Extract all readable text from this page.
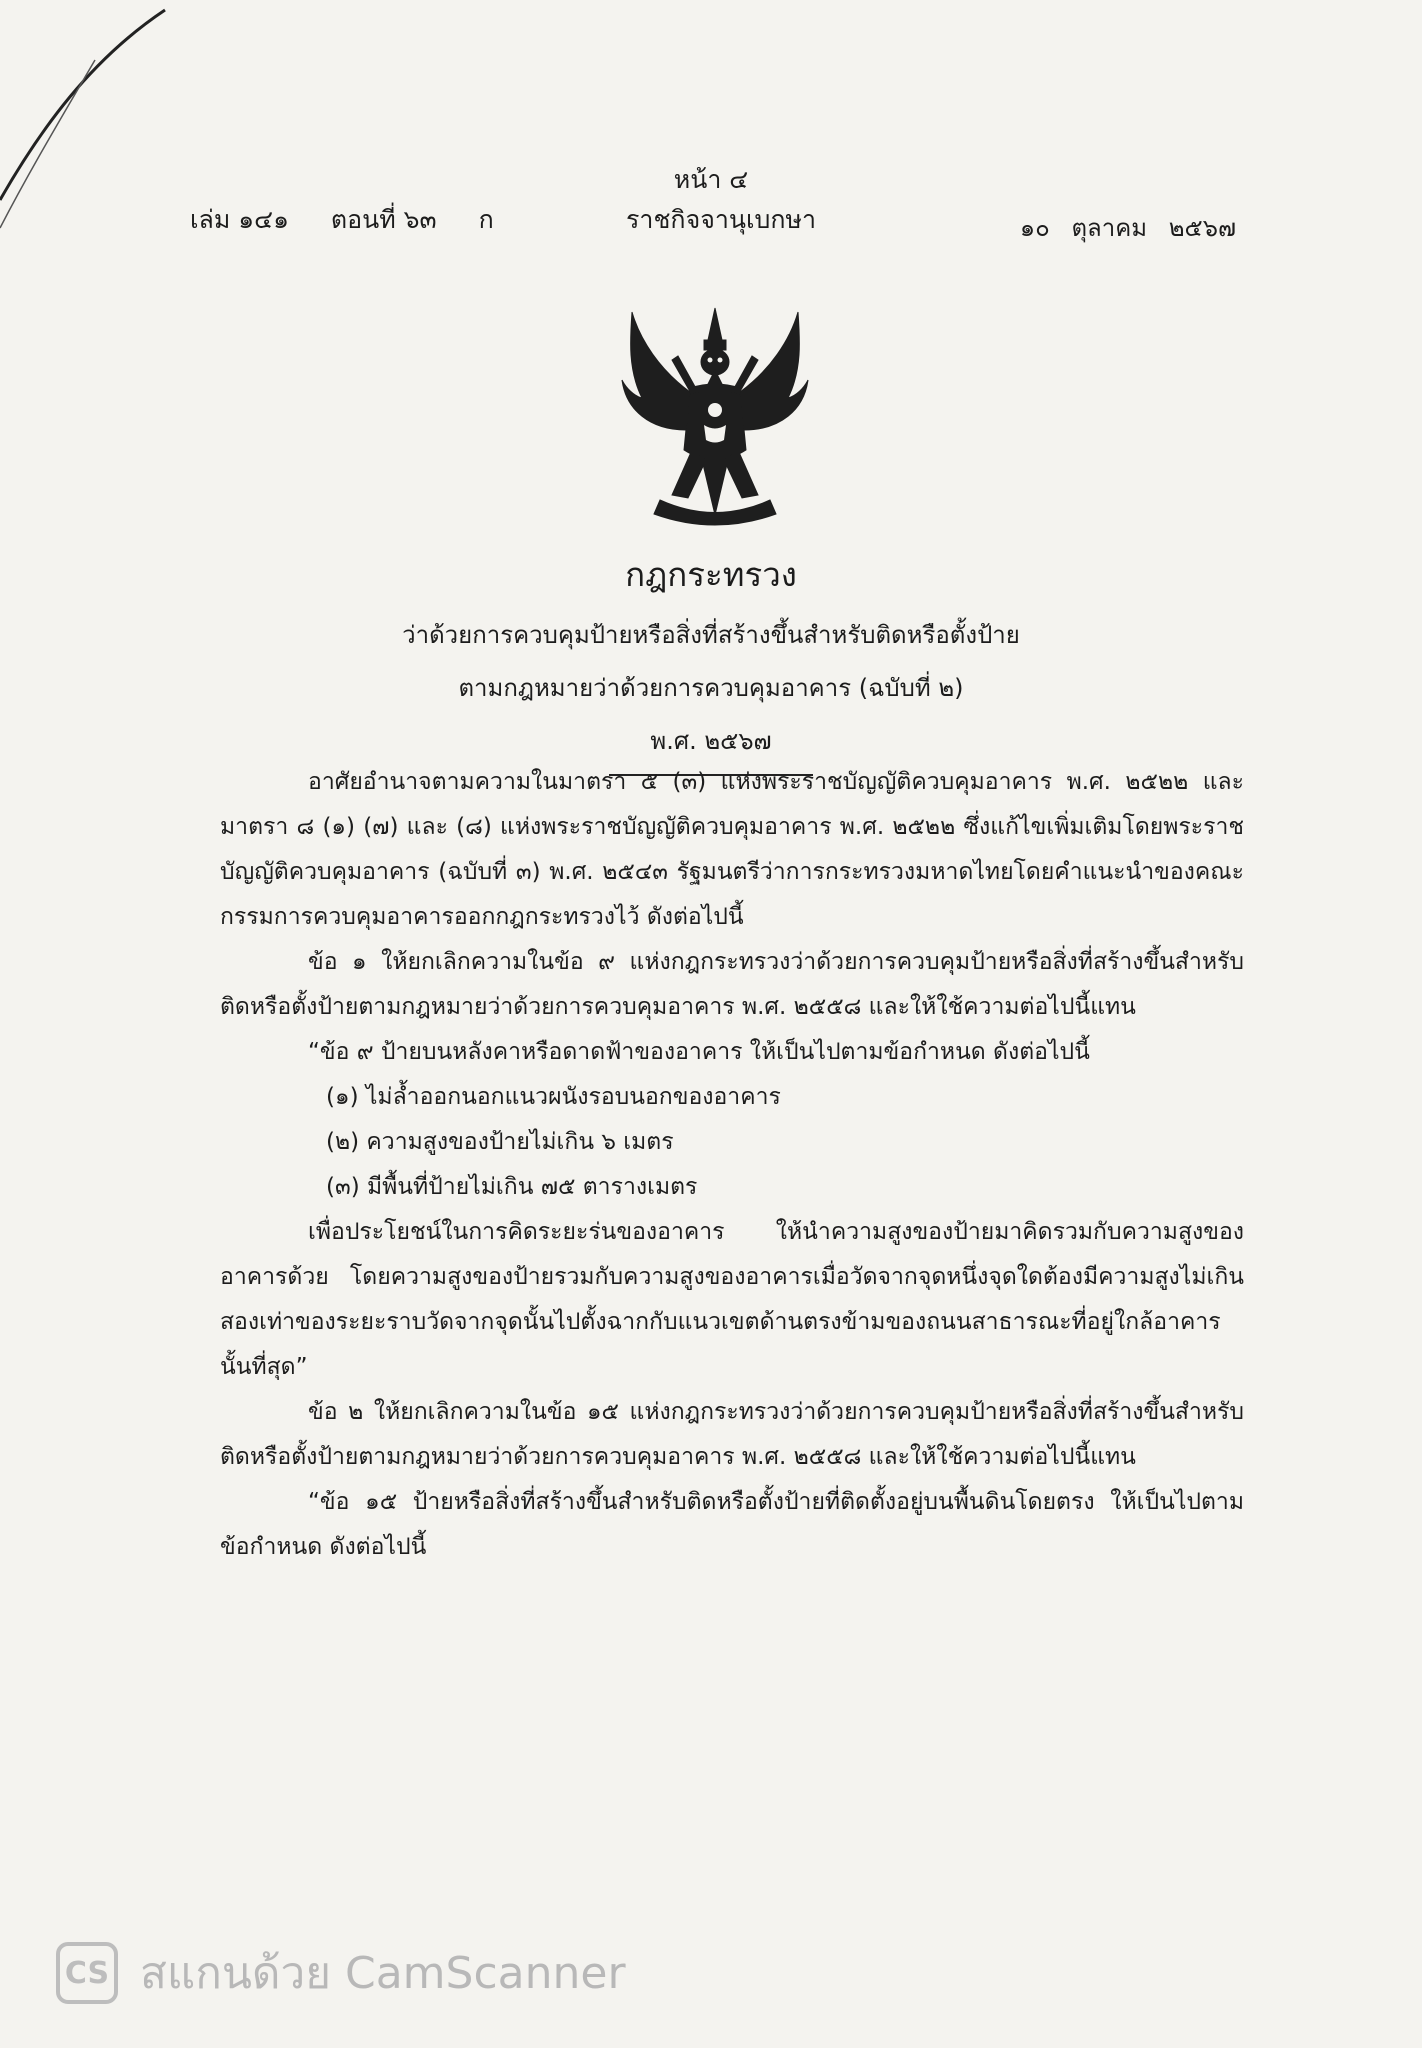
หน้า ๔
เล่ม ๑๔๑ ตอนที่ ๖๓ ก	ราชกิจจานุเบกษา	๑๐ ตุลาคม ๒๕๖๗
กฎกระทรวง
ว่าด้วยการควบคุมป้ายหรือสิ่งที่สร้างขึ้นสำหรับติดหรือตั้งป้าย
ตามกฎหมายว่าด้วยการควบคุมอาคาร (ฉบับที่ ๒)
พ.ศ. ๒๕๖๗

อาศัยอำนาจตามความในมาตรา ๕ (๓) แห่งพระราชบัญญัติควบคุมอาคาร พ.ศ. ๒๕๒๒ และมาตรา ๘ (๑) (๗) และ (๘) แห่งพระราชบัญญัติควบคุมอาคาร พ.ศ. ๒๕๒๒ ซึ่งแก้ไขเพิ่มเติมโดยพระราชบัญญัติควบคุมอาคาร (ฉบับที่ ๓) พ.ศ. ๒๕๔๓ รัฐมนตรีว่าการกระทรวงมหาดไทยโดยคำแนะนำของคณะกรรมการควบคุมอาคารออกกฎกระทรวงไว้ ดังต่อไปนี้

ข้อ ๑ ให้ยกเลิกความในข้อ ๙ แห่งกฎกระทรวงว่าด้วยการควบคุมป้ายหรือสิ่งที่สร้างขึ้นสำหรับติดหรือตั้งป้ายตามกฎหมายว่าด้วยการควบคุมอาคาร พ.ศ. ๒๕๕๘ และให้ใช้ความต่อไปนี้แทน

“ข้อ ๙ ป้ายบนหลังคาหรือดาดฟ้าของอาคาร ให้เป็นไปตามข้อกำหนด ดังต่อไปนี้

(๑) ไม่ล้ำออกนอกแนวผนังรอบนอกของอาคาร

(๒) ความสูงของป้ายไม่เกิน ๖ เมตร

(๓) มีพื้นที่ป้ายไม่เกิน ๗๕ ตารางเมตร

เพื่อประโยชน์ในการคิดระยะร่นของอาคาร ให้นำความสูงของป้ายมาคิดรวมกับความสูงของอาคารด้วย โดยความสูงของป้ายรวมกับความสูงของอาคารเมื่อวัดจากจุดหนึ่งจุดใดต้องมีความสูงไม่เกินสองเท่าของระยะราบวัดจากจุดนั้นไปตั้งฉากกับแนวเขตด้านตรงข้ามของถนนสาธารณะที่อยู่ใกล้อาคารนั้นที่สุด”

ข้อ ๒ ให้ยกเลิกความในข้อ ๑๕ แห่งกฎกระทรวงว่าด้วยการควบคุมป้ายหรือสิ่งที่สร้างขึ้นสำหรับติดหรือตั้งป้ายตามกฎหมายว่าด้วยการควบคุมอาคาร พ.ศ. ๒๕๕๘ และให้ใช้ความต่อไปนี้แทน

“ข้อ ๑๕ ป้ายหรือสิ่งที่สร้างขึ้นสำหรับติดหรือตั้งป้ายที่ติดตั้งอยู่บนพื้นดินโดยตรง ให้เป็นไปตามข้อกำหนด ดังต่อไปนี้

CS สแกนด้วย CamScanner
